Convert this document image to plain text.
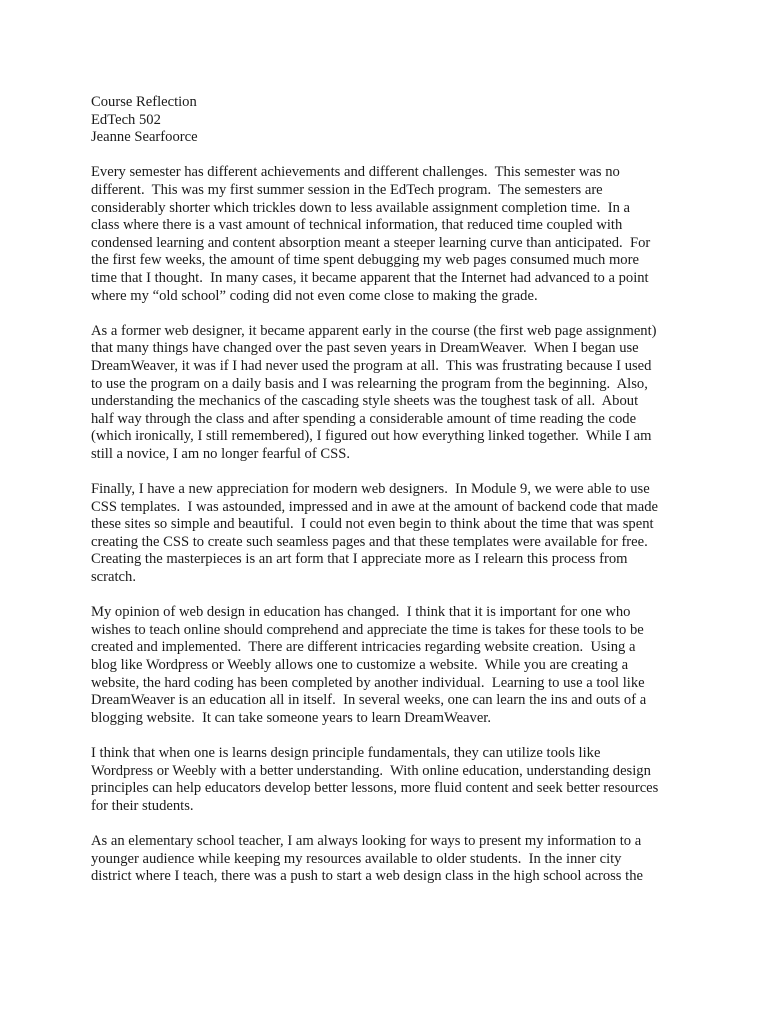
Course Reflection
EdTech 502
Jeanne Searfoorce
Every semester has different achievements and different challenges.  This semester was no
different.  This was my first summer session in the EdTech program.  The semesters are
considerably shorter which trickles down to less available assignment completion time.  In a
class where there is a vast amount of technical information, that reduced time coupled with
condensed learning and content absorption meant a steeper learning curve than anticipated.  For
the first few weeks, the amount of time spent debugging my web pages consumed much more
time that I thought.  In many cases, it became apparent that the Internet had advanced to a point
where my “old school” coding did not even come close to making the grade.
As a former web designer, it became apparent early in the course (the first web page assignment)
that many things have changed over the past seven years in DreamWeaver.  When I began use
DreamWeaver, it was if I had never used the program at all.  This was frustrating because I used
to use the program on a daily basis and I was relearning the program from the beginning.  Also,
understanding the mechanics of the cascading style sheets was the toughest task of all.  About
half way through the class and after spending a considerable amount of time reading the code
(which ironically, I still remembered), I figured out how everything linked together.  While I am
still a novice, I am no longer fearful of CSS.
Finally, I have a new appreciation for modern web designers.  In Module 9, we were able to use
CSS templates.  I was astounded, impressed and in awe at the amount of backend code that made
these sites so simple and beautiful.  I could not even begin to think about the time that was spent
creating the CSS to create such seamless pages and that these templates were available for free.
Creating the masterpieces is an art form that I appreciate more as I relearn this process from
scratch.
My opinion of web design in education has changed.  I think that it is important for one who
wishes to teach online should comprehend and appreciate the time is takes for these tools to be
created and implemented.  There are different intricacies regarding website creation.  Using a
blog like Wordpress or Weebly allows one to customize a website.  While you are creating a
website, the hard coding has been completed by another individual.  Learning to use a tool like
DreamWeaver is an education all in itself.  In several weeks, one can learn the ins and outs of a
blogging website.  It can take someone years to learn DreamWeaver.
I think that when one is learns design principle fundamentals, they can utilize tools like
Wordpress or Weebly with a better understanding.  With online education, understanding design
principles can help educators develop better lessons, more fluid content and seek better resources
for their students.
As an elementary school teacher, I am always looking for ways to present my information to a
younger audience while keeping my resources available to older students.  In the inner city
district where I teach, there was a push to start a web design class in the high school across the
